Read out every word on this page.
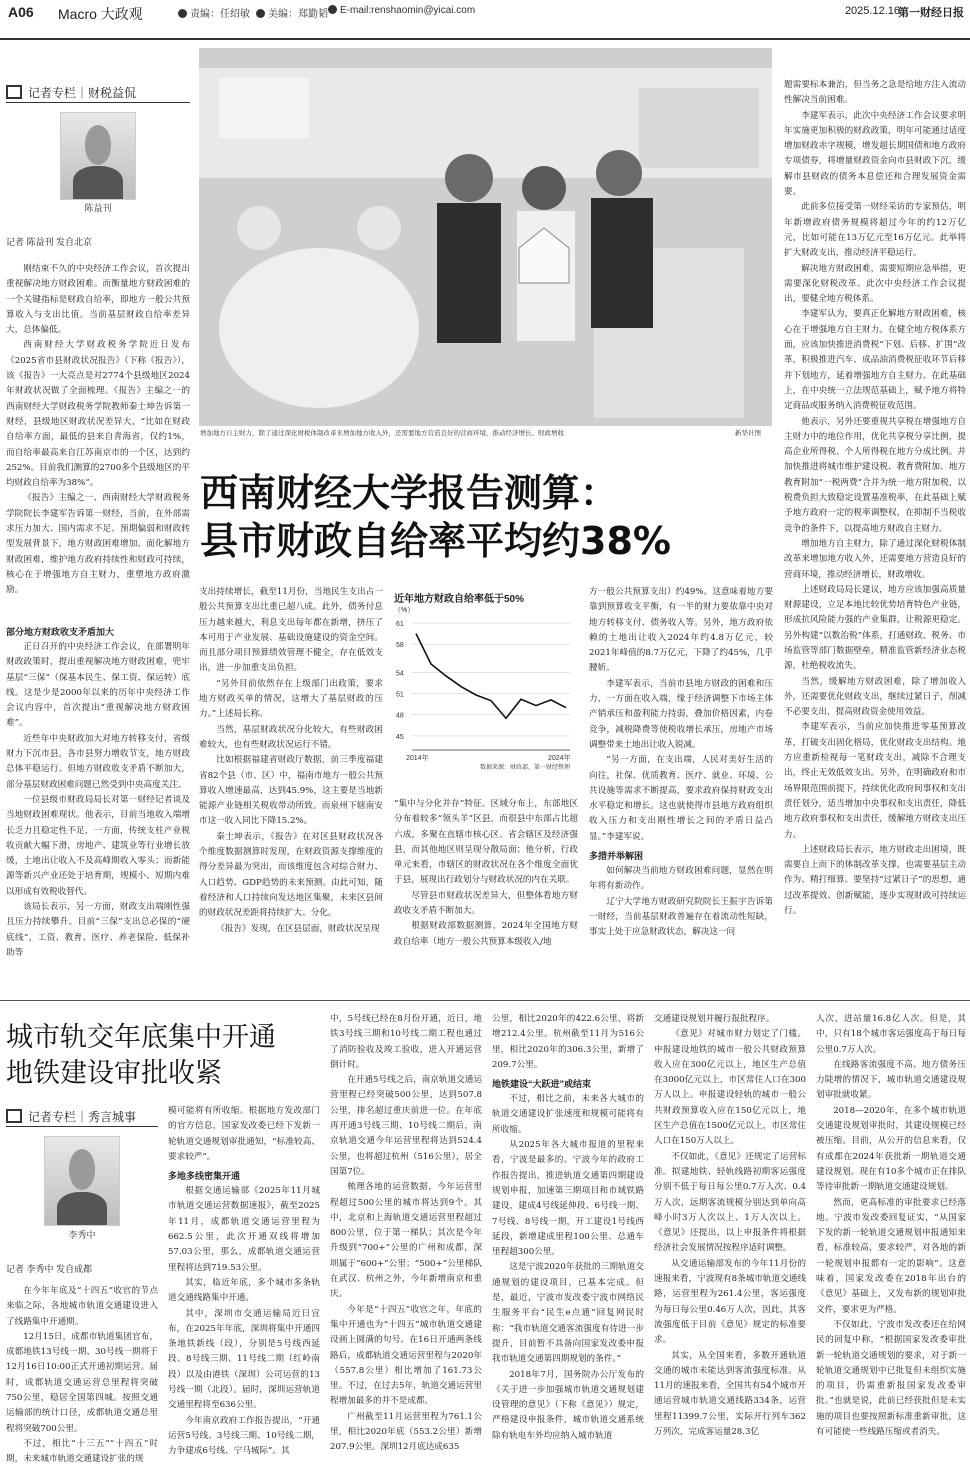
A06 Macro 大政观	责编：任绍敏	美编：郑勤韬	E-mail:renshaomin@yicai.com	2025.12.16
第一财经日报
记者专栏｜财税益侃
陈益刊
记者 陈益刊 发自北京

刚结束不久的中央经济工作会议，首次提出重视解决地方财政困难。而衡量地方财政困难的一个关键指标是财政自给率，即地方一般公共预算收入与支出比值。当前基层财政自给率差异大，总体偏低。

西南财经大学财政税务学院近日发布《2025省市县财政状况报告》（下称《报告》），该《报告》一大亮点是对2774个县级地区2024年财政状况做了全面梳理。《报告》主编之一的西南财经大学财政税务学院教师秦士坤告诉第一财经，县级地区财政状况差异大，“比如在财政自给率方面，最低的县来自青海省，仅约1%，而自给率最高来自江苏南京市的一个区，达到约252%。目前我们测算的2700多个县级地区的平均财政自给率为38%”。

《报告》主编之一、西南财经大学财政税务学院院长李建军告诉第一财经，当前，在外部需求压力加大、国内需求不足、预期偏弱和财政转型发展背景下，地方财政困难增加。面化解地方财政困难，维护地方政府持续性和财政可持续，核心在于增强地方自主财力，重塑地方政府激励。

部分地方财政收支矛盾加大

正日召开的中央经济工作会议，在部署明年财政政策时，提出重视解决地方财政困难，兜牢基层“三保”（保基本民生、保工资、保运转）底线。这是少是2000年以来的历年中央经济工作会议内容中，首次提出“重视解决地方财政困难”。

近些年中央财政加大对地方转移支付，省级财力下沉市县，各市县努力增收节支，地方财政总体平稳运行。但地方财政收支矛盾不断加大，部分基层财政困难问题已然受到中央高度关注。

一位县级市财政局局长对第一财经记者谈及当地财政困难现状。他表示，目前当地收入端增长乏力且稳定性不足，一方面，传统支柱产业税收贡献大幅下滑，房地产、建筑业等行业增长放缓，土地出让收入不及高峰期收入零头；而新能源等新兴产业还处于培育期，规模小、短期内难以形成有效税收替代。

该局长表示，另一方面，财政支出端刚性强且压力持续攀升。目前“三保”支出总必保的“硬底线”，工资、教育、医疗、养老保险、低保补助等

增加地方自主财力，除了通过深化财税体制改革来增加地方收入外，还需要地方营造良好的营商环境，推动经济增长。财政增收	新华社图
西南财经大学报告测算：
县市财政自给率平均约38%

支出持续增长，截至11月份，当地民生支出占一般公共预算支出比重已超八成。此外，债务付息压力越来越大，利息支出每年都在新增，挤压了本可用于产业发展、基础设施建设的资金空间。而且部分项目预算绩效管理不健全，存在低效支出，进一步加重支出负担。

“另外目前依然存在上级部门出政策，要求地方财政买单的情况，这增大了基层财政的压力。”上述局长称。

当然，基层财政状况分化较大，有些财政困难较大，也有些财政状况运行不错。

比如根据福建省财政厅数据，前三季度福建省82个县（市、区）中，福南市地方一般公共预算收入增速最高，达到45.9%，这主要是当地新能源产业链相关税收带动所致。而泉州下辖南安市这一收入同比下降15.2%。

秦士坤表示，《报告》在对区县财政状况各个维度数据测算时发现，在财政资源支撑维度的得分差异最为突出，而该维度包含对综合财力、人口趋势、GDP趋势的未来预测。由此可知，随着经济和人口持续向发达地区集聚，未来区县间的财政状况差距将持续扩大、分化。

《报告》发现，在区县层面，财政状况呈现

近年地方财政自给率低于50%
（%）
61
58
54
51
48
45
2014年	2024年
数据来源：财政部、第一财经整理

“集中与分化并存”特征。区域分布上，东部地区分布着较多“领头羊”区县，而很县中东部占比超六成，多聚在直辖市核心区、省会辖区及经济强县，而其他地区则呈现分散局面；他分析，行政单元来看，市辖区的财政状况在各个维度全面优于县，展现出行政划分与财政状况的内在关联。

尽管县市财政状况差异大，但整体看地方财政收支矛盾不断加大。

根据财政部数据测算，2024年全国地方财政自给率（地方一般公共预算本级收入/地

方一般公共预算支出）约49%。这意味着地方要靠到预算收支平衡，有一半的财力要依靠中央对地方转移支付、债务收入等。另外，地方政府依赖的土地出让收入2024年约4.8万亿元，较2021年峰值的8.7万亿元，下降了约45%，几乎腰斩。

李建军表示，当前市县地方财政的困难和压力，一方面在收入端，缘于经济调整下市场主体产销承压和盈利能力持弱，叠加价格因素，内卷竞争，减税降费等使税收增长承压，房地产市场调整带来土地出让收入锐减。

“另一方面，在支出端，人民对美好生活的向往，社保、优质教育、医疗、就业、环境、公共设施等需求不断提高，要求政府保持财政支出水平稳定和增长。这也就使得市县地方政府组织收入压力和支出刚性增长之间的矛盾日益凸显。”李建军说。

多措并举解困

如何解决当前地方财政困难问题，显然在明年将有新动作。

辽宁大学地方财政研究院院长王振宇告诉第一财经，当前基层财政普遍存在着流动性短缺，事实上处于应急财政状态，解决这一问

题需要标本兼治，但当务之急是给地方注入流动性解决当前困难。

李建军表示，此次中央经济工作会议要求明年实施更加积极的财政政策，明年可能通过适度增加财政赤字规模，增发超长期国债和地方政府专项债券，将增量财政资金向市县财政下沉，缓解市县财政的债务本息偿还和合理发展资金需要。

此前多位接受第一财经采访的专家预估，明年新增政府债务规模将超过今年的约12万亿元，比如可能在13万亿元至16万亿元。此举将扩大财政支出，推动经济平稳运行。

解决地方财政困难，需要短期应急举措，更需要深化财税改革。此次中央经济工作会议提出，要健全地方税体系。

李建军认为，要真正化解地方财政困难，核心在于增强地方自主财力。在健全地方税体系方面，应该加快推进消费税“下划、后移、扩围”改革，积极推进汽车、成品油消费税征收环节后移并下划地方，延着增强地方自主财力。在此基础上，在中央统一立法规范基础上，赋予地方将特定商品或服务纳入消费税征收范围。

他表示，另外还要重视共享税在增强地方自主财力中的地位作用，优化共享税分享比例，提高企业所得税、个人所得税在地方分成比例。并加快推进将城市维护建设税、教育费附加、地方教育附加“一税两费”合并为统一地方附加税，以税费负担大致稳定设置基准税率，在此基础上赋予地方政府一定的税率调整权，在抑制不当税收竞争的条件下，以提高地方财政自主财力。

增加地方自主财力，除了通过深化财税体制改革来增加地方收入外，还需要地方营造良好的营商环境，推动经济增长，财政增收。

上述财政局局长建议，地方应该加强高质量财源建设，立足本地比较优势培育特色产业链，形成抗风险能力强的产业集群，让税源更稳定。另外构建“以数治税”体系，打通财政、税务、市场监管等部门数据壁垒，精准监管新经济业态税源，杜绝税收流失。

当然，缓解地方财政困难，除了增加收入外，还需要优化财政支出，继续过紧日子，削减不必要支出，提高财政资金使用效益。

李建军表示，当前应加快推进零基预算改革，打破支出固化格局，优化财政支出结构。地方应重新检视每一笔财政支出，减除不合理支出，终止无效低效支出。另外，在明确政府和市场界限范围前提下，持续优化政府间事权和支出责任划分，适当增加中央事权和支出责任，降低地方政府事权和支出责任，缓解地方财政支出压力。

上述财政局长表示，地方财政走出困境，既需要自上而下的体制改革支撑，也需要基层主动作为、精打细算。要坚持“过紧日子”的思想，通过改革提效、创新赋能，逐步实现财政可持续运行。

城市轨交年底集中开通
地铁建设审批收紧
记者专栏｜秀言城事
李秀中
记者 李秀中 发自成都

在今年年底及“十四五”收官的节点来临之际，各地城市轨道交通建设进入了线路集中开通期。

12月15日，成都市轨道集团官布，成都地铁13号线一期、30号线一期将于12月16日10:00正式开通初期运营。届时，成都轨道交通运营总里程将突破750公里，稳居全国第四城。按照交通运输部的统计口径，成都轨道交通总里程将突破700公里。

不过，相比“十三五”“十四五”时期，未来城市轨道交通建设扩张的规

模可能将有所收缩。根据地方发改部门的官方信息，国家发改委已经下发新一轮轨道交通规划审批通知，“标准较高、要求较严”。

多地多线密集开通

根据交通运输部《2025年11月城市轨道交通运营数据速报》，截至2025年11月，成都轨道交通运营里程为662.5公里，此次开通双线将增加57.03公里，那么，成都轨道交通运营里程将达到719.53公里。

其实，临近年底，多个城市多条轨道交通线路集中开通。

其中，深圳市交通运输局近日宣布，在2025年年底，深圳将集中开通四条地铁新线（段），分别是5号线西延段、8号线三期、11号线二期（红岭南段）以及由港铁（深圳）公司运营的13号线一期（北段）。届时，深圳运营轨道交通里程将至636公里。

今年南京政府工作报告提出，“开通运营5号线、3号线三期、10号线二期，力争建成6号线、宁马城际”。其

中，5号线已经在8月份开通，近日，地铁3号线三期和10号线二期工程也通过了消防验收及竣工验收，进入开通运营倒计时。

在开通5号线之后，南京轨道交通运营里程已经突破500公里，达到507.8公里，排名超过重庆前进一位。在年底再开通3号线三期、10号线二期后，南京轨道交通今年运营里程将达到524.4公里，也将超过杭州（516公里），居全国第7位。

梳理各地的运营数据，今年运营里程超过500公里的城市将达到9个。其中，北京和上海轨道交通运营里程超过800公里，位于第一梯队；其次是今年升级到“700+”公里的广州和成都，深圳属于“600+”公里；“500+”公里梯队在武汉、杭州之外，今年新增南京和重庆。

今年是“十四五”收官之年，年底的集中开通也为“十四五”城市轨道交通建设画上圆满的句号。在16日开通两条线路后，成都轨道交通运营里程与2020年（557.8公里）相比增加了161.73公里。不过，在过去5年，轨道交通运营里程增加最多的并不是成都。

广州截至11月运营里程为761.1公里，相比2020年底（553.2公里）新增207.9公里。深圳12月底达成635

公里，相比2020年的422.6公里，将新增212.4公里。杭州截至11月为516公里，相比2020年的306.3公里，新增了209.7公里。

地铁建设“大跃进”或结束

不过，相比之前，未来各大城市的轨道交通建设扩张速度和规模可能将有所收缩。

从2025年各大城市报道的里程来看，宁波是最多的。宁波今年的政府工作报告提出，推进轨道交通第四期建设规划申报，加速第三期项目和市域铁路建设，建成4号线延伸段、6号线一期、7号线、8号线一期，开工建设1号线西延段，新增建成里程100公里、总通车里程超300公里。

这是宁波2020年获批的三期轨道交通规划的建设项目，已基本完成。但是，最近，宁波市发改委宁波市网络民生服务平台“民生e点通”回复网民时称：“我市轨道交通客流强度有待进一步提升，目前暂不具备向国家发改委申报我市轨道交通第四期规划的条件。”

2018年7月，国务院办公厅发布的《关于进一步加强城市轨道交通规划建设管理的意见》（下称《意见》）规定，严格建设申报条件，城市轨道交通系统除有轨电车外均应纳入城市轨道

交通建设规划并履行报批程序。

《意见》对城市财力划定了门槛。申报建设地铁的城市一般公共财政预算收入应在300亿元以上，地区生产总值在3000亿元以上，市区常住人口在300万人以上。申报建设轻轨的城市一般公共财政预算收入应在150亿元以上，地区生产总值在1500亿元以上，市区常住人口在150万人以上。

不仅如此，《意见》还规定了运营标准。拟建地铁、轻轨线路初期客运强度分别不低于每日每公里0.7万人次、0.4万人次，远期客流规模分别达到单向高峰小时3万人次以上、1万人次以上。《意见》还提出，以上申报条件将根据经济社会发展情况按程序适时调整。

从交通运输部发布的今年11月份的速报来看，宁波现有8条城市轨道交通线路，运营里程为261.4公里，客运强度为每日每公里0.46万人次，因此，其客流强度低于目前《意见》规定的标准要求。

其实，从全国来看，多数开通轨道交通的城市未能达到客流强度标准。从11月的速报来看，全国共有54个城市开通运营城市轨道交通线路334条，运营里程11399.7公里，实际开行列车362万列次，完成客运量28.3亿

人次，进站量16.8亿人次。但是，其中，只有18个城市客运强度高于每日每公里0.7万人次。

在线路客流强度不高、地方债务压力陡增的情况下，城市轨道交通建设规划审批就收紧。

2018—2020年，在多个城市轨道交通建设规划审批时，其建设规模已经被压缩。目前，从公开的信息来看，仅有成都在2024年获批新一期轨道交通建设规划。现在有10多个城市正在排队等待审批新一期轨道交通建设规划。

然而，更高标准的审批要求已经落地。宁波市发改委回复证实，“从国家下发的新一轮轨道交通规划申报通知来看，标准较高，要求较严，对各地的新一轮规划申报都有一定的影响”。这意味着，国家发改委在2018年出台的《意见》基础上，又发布新的规划审批文件，要求更为严格。

不仅如此，宁波市发改委还在给网民的回复中称，“根据国家发改委审批新一轮轨道交通规划的要求，对于新一轮轨道交通规划中已批复但未组织实施的项目，仍需重新报国家发改委审批。”也就是说，此前已经获批但是未实施的项目也要按照新标准重新审批，这有可能使一些线路压缩或者消失。
